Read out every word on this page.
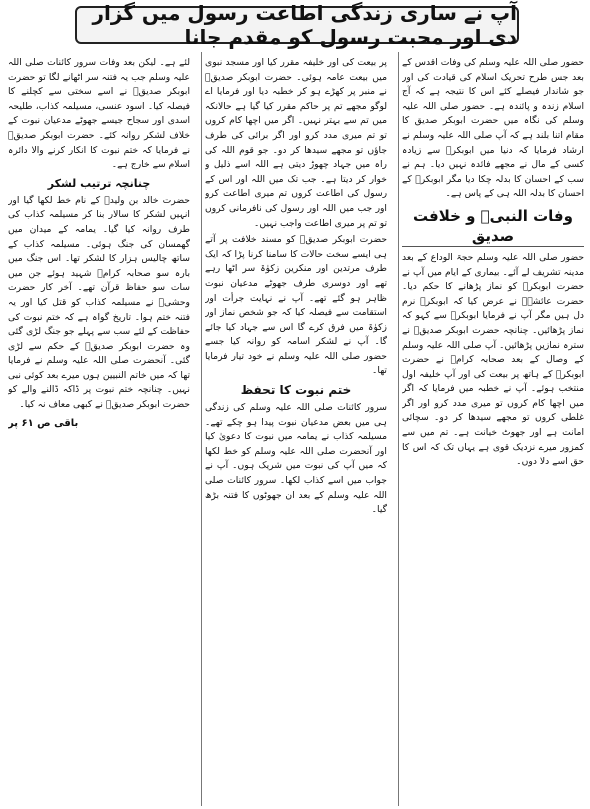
آپ نے ساری زندگی اطاعت رسول میں گزار دی اور محبت رسول کو مقدم جانا

حضور صلی اللہ علیہ وسلم کی وفات اقدس کے بعد جس طرح تحریک اسلام کی قیادت کی اور جو شاندار فیصلے کئے اس کا نتیجہ ہے کہ آج اسلام زندہ و پائندہ ہے۔ حضور صلی اللہ علیہ وسلم کی نگاہ میں حضرت ابوبکر صدیق کا مقام اتنا بلند ہے کہ آپ صلی اللہ علیہ وسلم نے ارشاد فرمایا کہ دنیا میں ابوبکرؓ سے زیادہ کسی کے مال نے مجھے فائدہ نہیں دیا۔ ہم نے سب کے احسان کا بدلہ چکا دیا مگر ابوبکرؓ کے احسان کا بدلہ اللہ ہی کے پاس ہے۔

وفات النبیؐ و خلافت صدیق

حضور صلی اللہ علیہ وسلم حجۃ الوداع کے بعد مدینہ تشریف لے آئے۔ بیماری کے ایام میں آپ نے حضرت ابوبکرؓ کو نماز پڑھانے کا حکم دیا۔ حضرت عائشہؓ نے عرض کیا کہ ابوبکرؓ نرم دل ہیں مگر آپ نے فرمایا ابوبکرؓ سے کہو کہ نماز پڑھائیں۔ چنانچہ حضرت ابوبکر صدیقؓ نے سترہ نمازیں پڑھائیں۔ آپ صلی اللہ علیہ وسلم کے وصال کے بعد صحابہ کرامؓ نے حضرت ابوبکرؓ کے ہاتھ پر بیعت کی اور آپ خلیفہ اول منتخب ہوئے۔ آپ نے خطبہ میں فرمایا کہ اگر میں اچھا کام کروں تو میری مدد کرو اور اگر غلطی کروں تو مجھے سیدھا کر دو۔ سچائی امانت ہے اور جھوٹ خیانت ہے۔ تم میں سے کمزور میرے نزدیک قوی ہے یہاں تک کہ اس کا حق اسے دلا دوں۔

پر بیعت کی اور خلیفہ مقرر کیا اور مسجد نبوی میں بیعت عامہ ہوئی۔ حضرت ابوبکر صدیقؓ نے منبر پر کھڑے ہو کر خطبہ دیا اور فرمایا اے لوگو مجھے تم پر حاکم مقرر کیا گیا ہے حالانکہ میں تم سے بہتر نہیں۔ اگر میں اچھا کام کروں تو تم میری مدد کرو اور اگر برائی کی طرف جاؤں تو مجھے سیدھا کر دو۔ جو قوم اللہ کی راہ میں جہاد چھوڑ دیتی ہے اللہ اسے ذلیل و خوار کر دیتا ہے۔ جب تک میں اللہ اور اس کے رسول کی اطاعت کروں تم میری اطاعت کرو اور جب میں اللہ اور رسول کی نافرمانی کروں تو تم پر میری اطاعت واجب نہیں۔

حضرت ابوبکر صدیقؓ کو مسند خلافت پر آتے ہی ایسے سخت حالات کا سامنا کرنا پڑا کہ ایک طرف مرتدین اور منکرین زکوٰۃ سر اٹھا رہے تھے اور دوسری طرف جھوٹے مدعیان نبوت ظاہر ہو گئے تھے۔ آپ نے نہایت جرأت اور استقامت سے فیصلہ کیا کہ جو شخص نماز اور زکوٰۃ میں فرق کرے گا اس سے جہاد کیا جائے گا۔ آپ نے لشکر اسامہ کو روانہ کیا جسے حضور صلی اللہ علیہ وسلم نے خود تیار فرمایا تھا۔

ختم نبوت کا تحفظ

سرور کائنات صلی اللہ علیہ وسلم کی زندگی ہی میں بعض مدعیان نبوت پیدا ہو چکے تھے۔ مسیلمہ کذاب نے یمامہ میں نبوت کا دعویٰ کیا اور آنحضرت صلی اللہ علیہ وسلم کو خط لکھا کہ میں آپ کی نبوت میں شریک ہوں۔ آپ نے جواب میں اسے کذاب لکھا۔ سرور کائنات صلی اللہ علیہ وسلم کے بعد ان جھوٹوں کا فتنہ بڑھ گیا۔

لئے ہے۔ لیکن بعد وفات سرور کائنات صلی اللہ علیہ وسلم جب یہ فتنہ سر اٹھانے لگا تو حضرت ابوبکر صدیقؓ نے اسے سختی سے کچلنے کا فیصلہ کیا۔ اسود عنسی، مسیلمہ کذاب، طلیحہ اسدی اور سجاح جیسے جھوٹے مدعیان نبوت کے خلاف لشکر روانہ کئے۔ حضرت ابوبکر صدیقؓ نے فرمایا کہ ختم نبوت کا انکار کرنے والا دائرہ اسلام سے خارج ہے۔

چنانچہ ترتیب لشکر

حضرت خالد بن ولیدؓ کے نام خط لکھا گیا اور انہیں لشکر کا سالار بنا کر مسیلمہ کذاب کی طرف روانہ کیا گیا۔ یمامہ کے میدان میں گھمسان کی جنگ ہوئی۔ مسیلمہ کذاب کے ساتھ چالیس ہزار کا لشکر تھا۔ اس جنگ میں بارہ سو صحابہ کرامؓ شہید ہوئے جن میں سات سو حفاظ قرآن تھے۔ آخر کار حضرت وحشیؓ نے مسیلمہ کذاب کو قتل کیا اور یہ فتنہ ختم ہوا۔ تاریخ گواہ ہے کہ ختم نبوت کی حفاظت کے لئے سب سے پہلے جو جنگ لڑی گئی وہ حضرت ابوبکر صدیقؓ کے حکم سے لڑی گئی۔ آنحضرت صلی اللہ علیہ وسلم نے فرمایا تھا کہ میں خاتم النبیین ہوں میرے بعد کوئی نبی نہیں۔ چنانچہ ختم نبوت پر ڈاکہ ڈالنے والے کو حضرت ابوبکر صدیقؓ نے کبھی معاف نہ کیا۔

باقی ص ۶۱ پر
